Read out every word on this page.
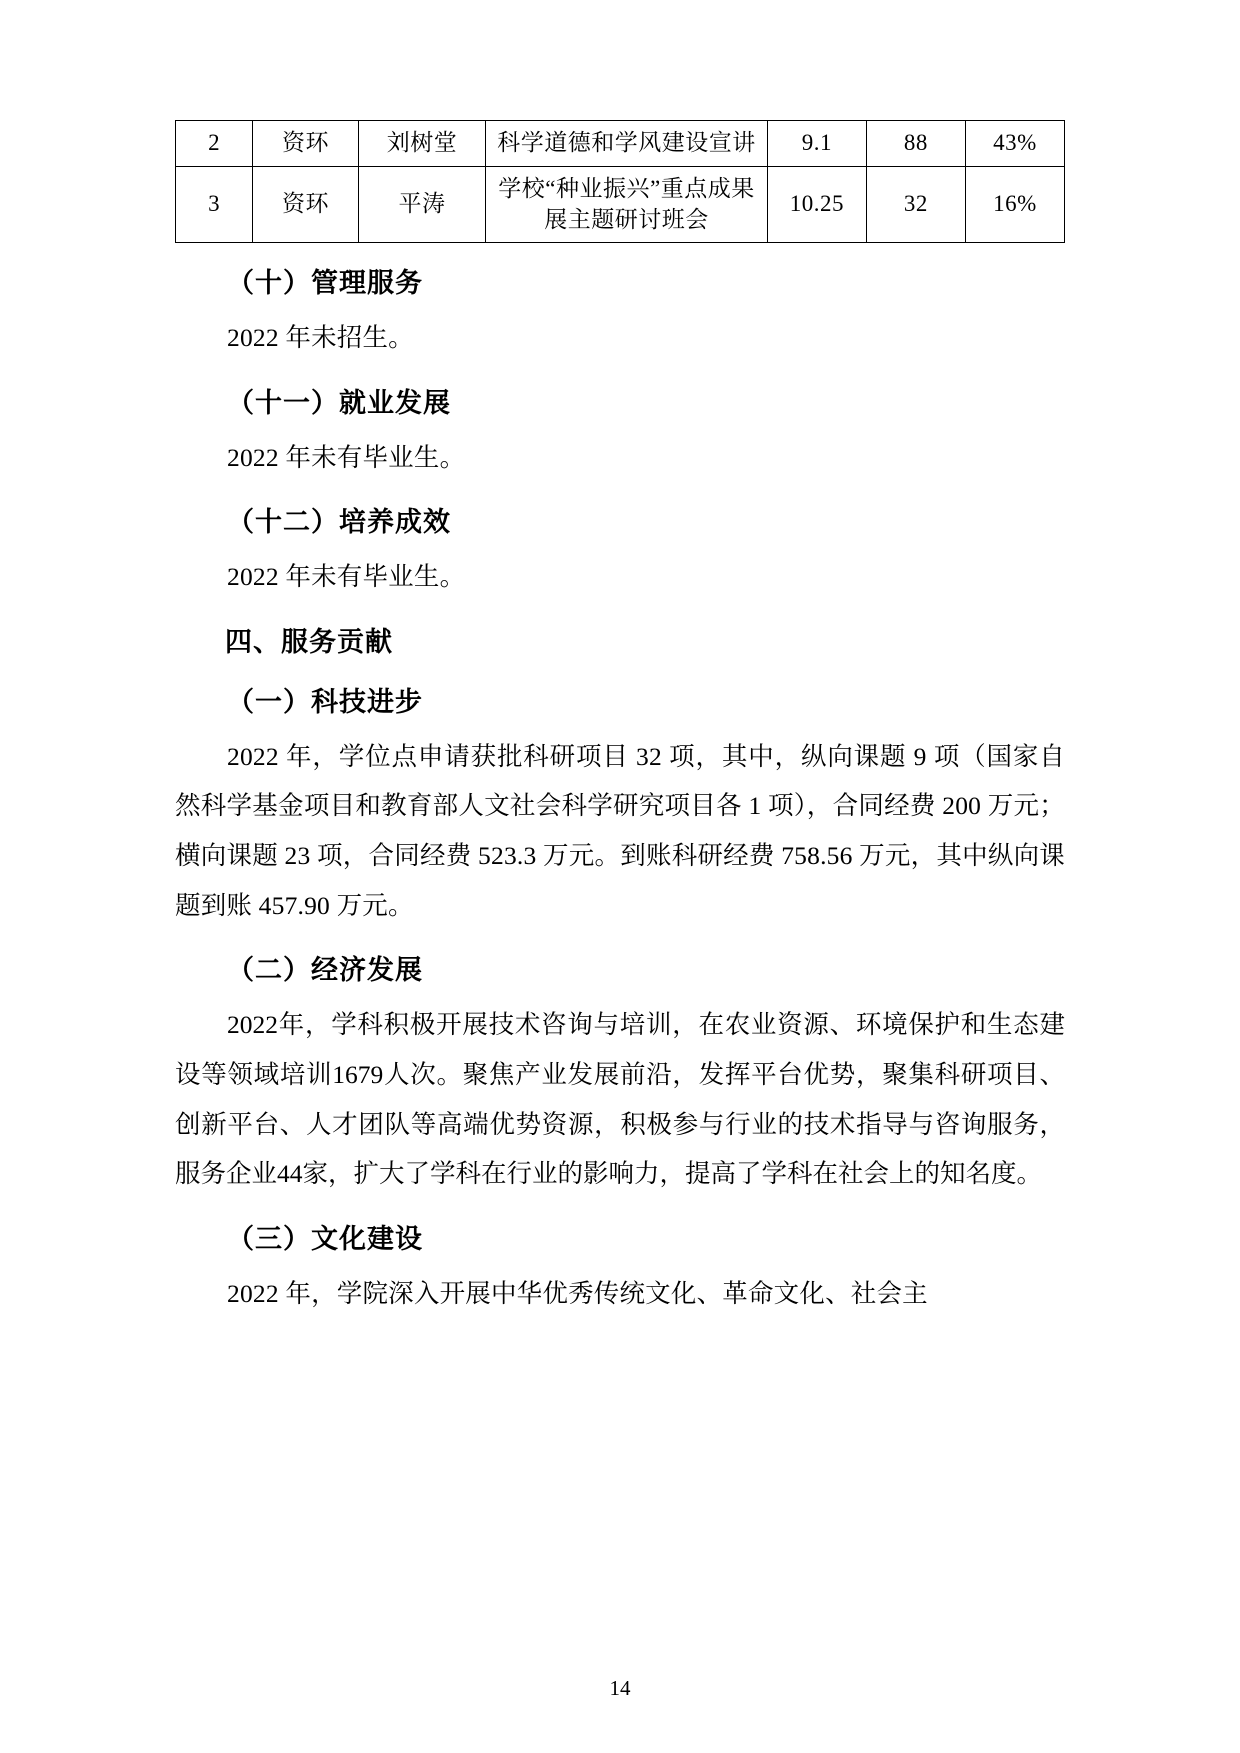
2	资环	刘树堂	科学道德和学风建设宣讲	9.1	88	43%
3	资环	平涛	学校“种业振兴”重点成果展主题研讨班会	10.25	32	16%
（十）管理服务

2022 年未招生。

（十一）就业发展

2022 年未有毕业生。

（十二）培养成效

2022 年未有毕业生。

四、服务贡献
（一）科技进步

2022 年，学位点申请获批科研项目 32 项，其中，纵向课题 9 项（国家自然科学基金项目和教育部人文社会科学研究项目各 1 项），合同经费 200 万元；横向课题 23 项，合同经费 523.3 万元。到账科研经费 758.56 万元，其中纵向课题到账 457.90 万元。

（二）经济发展

2022年，学科积极开展技术咨询与培训，在农业资源、环境保护和生态建设等领域培训1679人次。聚焦产业发展前沿，发挥平台优势，聚集科研项目、创新平台、人才团队等高端优势资源，积极参与行业的技术指导与咨询服务，服务企业44家，扩大了学科在行业的影响力，提高了学科在社会上的知名度。

（三）文化建设

2022 年，学院深入开展中华优秀传统文化、革命文化、社会主

14
